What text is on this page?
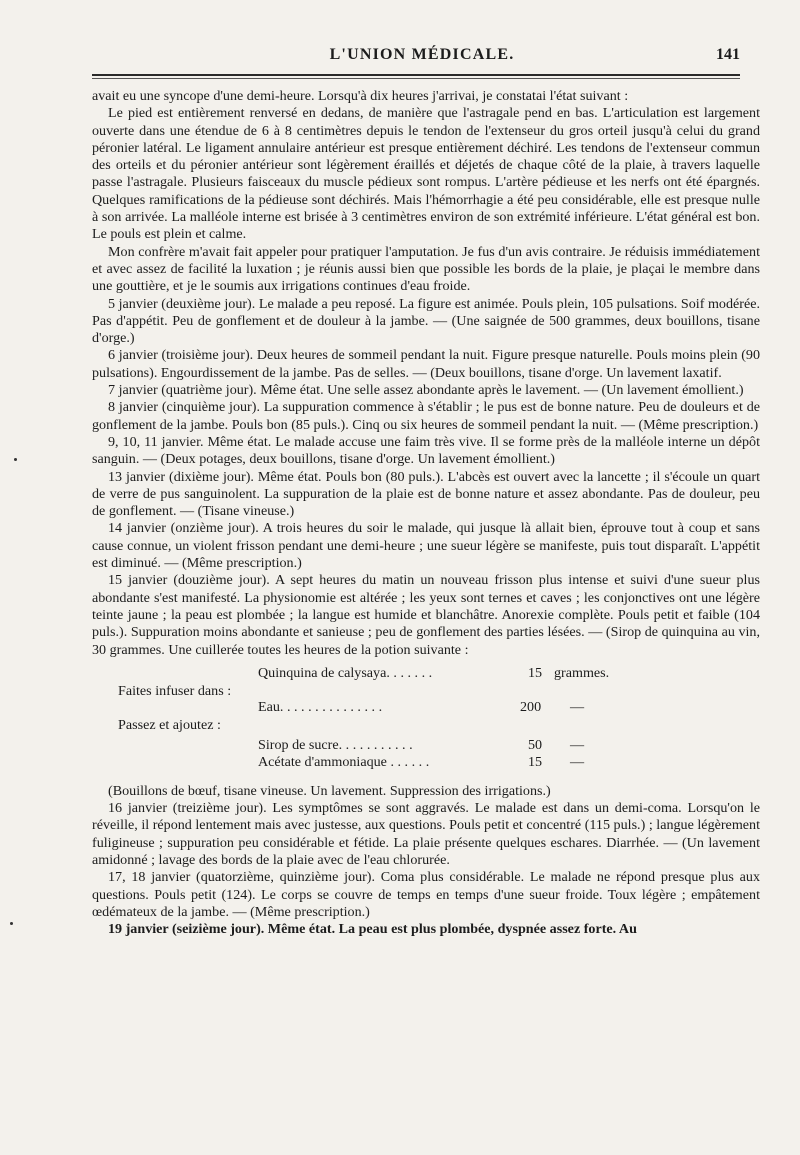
L'UNION MÉDICALE.	141

avait eu une syncope d'une demi-heure. Lorsqu'à dix heures j'arrivai, je constatai l'état suivant :

Le pied est entièrement renversé en dedans, de manière que l'astragale pend en bas. L'articulation est largement ouverte dans une étendue de 6 à 8 centimètres depuis le tendon de l'extenseur du gros orteil jusqu'à celui du grand péronier latéral. Le ligament annulaire antérieur est presque entièrement déchiré. Les tendons de l'extenseur commun des orteils et du péronier antérieur sont légèrement éraillés et déjetés de chaque côté de la plaie, à travers laquelle passe l'astragale. Plusieurs faisceaux du muscle pédieux sont rompus. L'artère pédieuse et les nerfs ont été épargnés. Quelques ramifications de la pédieuse sont déchirés. Mais l'hémorrhagie a été peu considérable, elle est presque nulle à son arrivée. La malléole interne est brisée à 3 centimètres environ de son extrémité inférieure. L'état général est bon. Le pouls est plein et calme.

Mon confrère m'avait fait appeler pour pratiquer l'amputation. Je fus d'un avis contraire. Je réduisis immédiatement et avec assez de facilité la luxation ; je réunis aussi bien que possible les bords de la plaie, je plaçai le membre dans une gouttière, et je le soumis aux irrigations continues d'eau froide.

5 janvier (deuxième jour). Le malade a peu reposé. La figure est animée. Pouls plein, 105 pulsations. Soif modérée. Pas d'appétit. Peu de gonflement et de douleur à la jambe. — (Une saignée de 500 grammes, deux bouillons, tisane d'orge.)

6 janvier (troisième jour). Deux heures de sommeil pendant la nuit. Figure presque naturelle. Pouls moins plein (90 pulsations). Engourdissement de la jambe. Pas de selles. — (Deux bouillons, tisane d'orge. Un lavement laxatif.

7 janvier (quatrième jour). Même état. Une selle assez abondante après le lavement. — (Un lavement émollient.)

8 janvier (cinquième jour). La suppuration commence à s'établir ; le pus est de bonne nature. Peu de douleurs et de gonflement de la jambe. Pouls bon (85 puls.). Cinq ou six heures de sommeil pendant la nuit. — (Même prescription.)

9, 10, 11 janvier. Même état. Le malade accuse une faim très vive. Il se forme près de la malléole interne un dépôt sanguin. — (Deux potages, deux bouillons, tisane d'orge. Un lavement émollient.)

13 janvier (dixième jour). Même état. Pouls bon (80 puls.). L'abcès est ouvert avec la lancette ; il s'écoule un quart de verre de pus sanguinolent. La suppuration de la plaie est de bonne nature et assez abondante. Pas de douleur, peu de gonflement. — (Tisane vineuse.)

14 janvier (onzième jour). A trois heures du soir le malade, qui jusque là allait bien, éprouve tout à coup et sans cause connue, un violent frisson pendant une demi-heure ; une sueur légère se manifeste, puis tout disparaît. L'appétit est diminué. — (Même prescription.)

15 janvier (douzième jour). A sept heures du matin un nouveau frisson plus intense et suivi d'une sueur plus abondante s'est manifesté. La physionomie est altérée ; les yeux sont ternes et caves ; les conjonctives ont une légère teinte jaune ; la peau est plombée ; la langue est humide et blanchâtre. Anorexie complète. Pouls petit et faible (104 puls.). Suppuration moins abondante et sanieuse ; peu de gonflement des parties lésées. — (Sirop de quinquina au vin, 30 grammes. Une cuillerée toutes les heures de la potion suivante :

Quinquina de calysaya. . . . . . .	15 grammes.
Faites infuser dans :
Eau. . . . . . . . . . . . . . .	200 —
Passez et ajoutez :
Sirop de sucre. . . . . . . . . . .	50 —
Acétate d'ammoniaque . . . . . .	15 —

(Bouillons de bœuf, tisane vineuse. Un lavement. Suppression des irrigations.)

16 janvier (treizième jour). Les symptômes se sont aggravés. Le malade est dans un demi-coma. Lorsqu'on le réveille, il répond lentement mais avec justesse, aux questions. Pouls petit et concentré (115 puls.) ; langue légèrement fuligineuse ; suppuration peu considérable et fétide. La plaie présente quelques eschares. Diarrhée. — (Un lavement amidonné ; lavage des bords de la plaie avec de l'eau chlorurée.

17, 18 janvier (quatorzième, quinzième jour). Coma plus considérable. Le malade ne répond presque plus aux questions. Pouls petit (124). Le corps se couvre de temps en temps d'une sueur froide. Toux légère ; empâtement œdémateux de la jambe. — (Même prescription.)

19 janvier (seizième jour). Même état. La peau est plus plombée, dyspnée assez forte. Au
